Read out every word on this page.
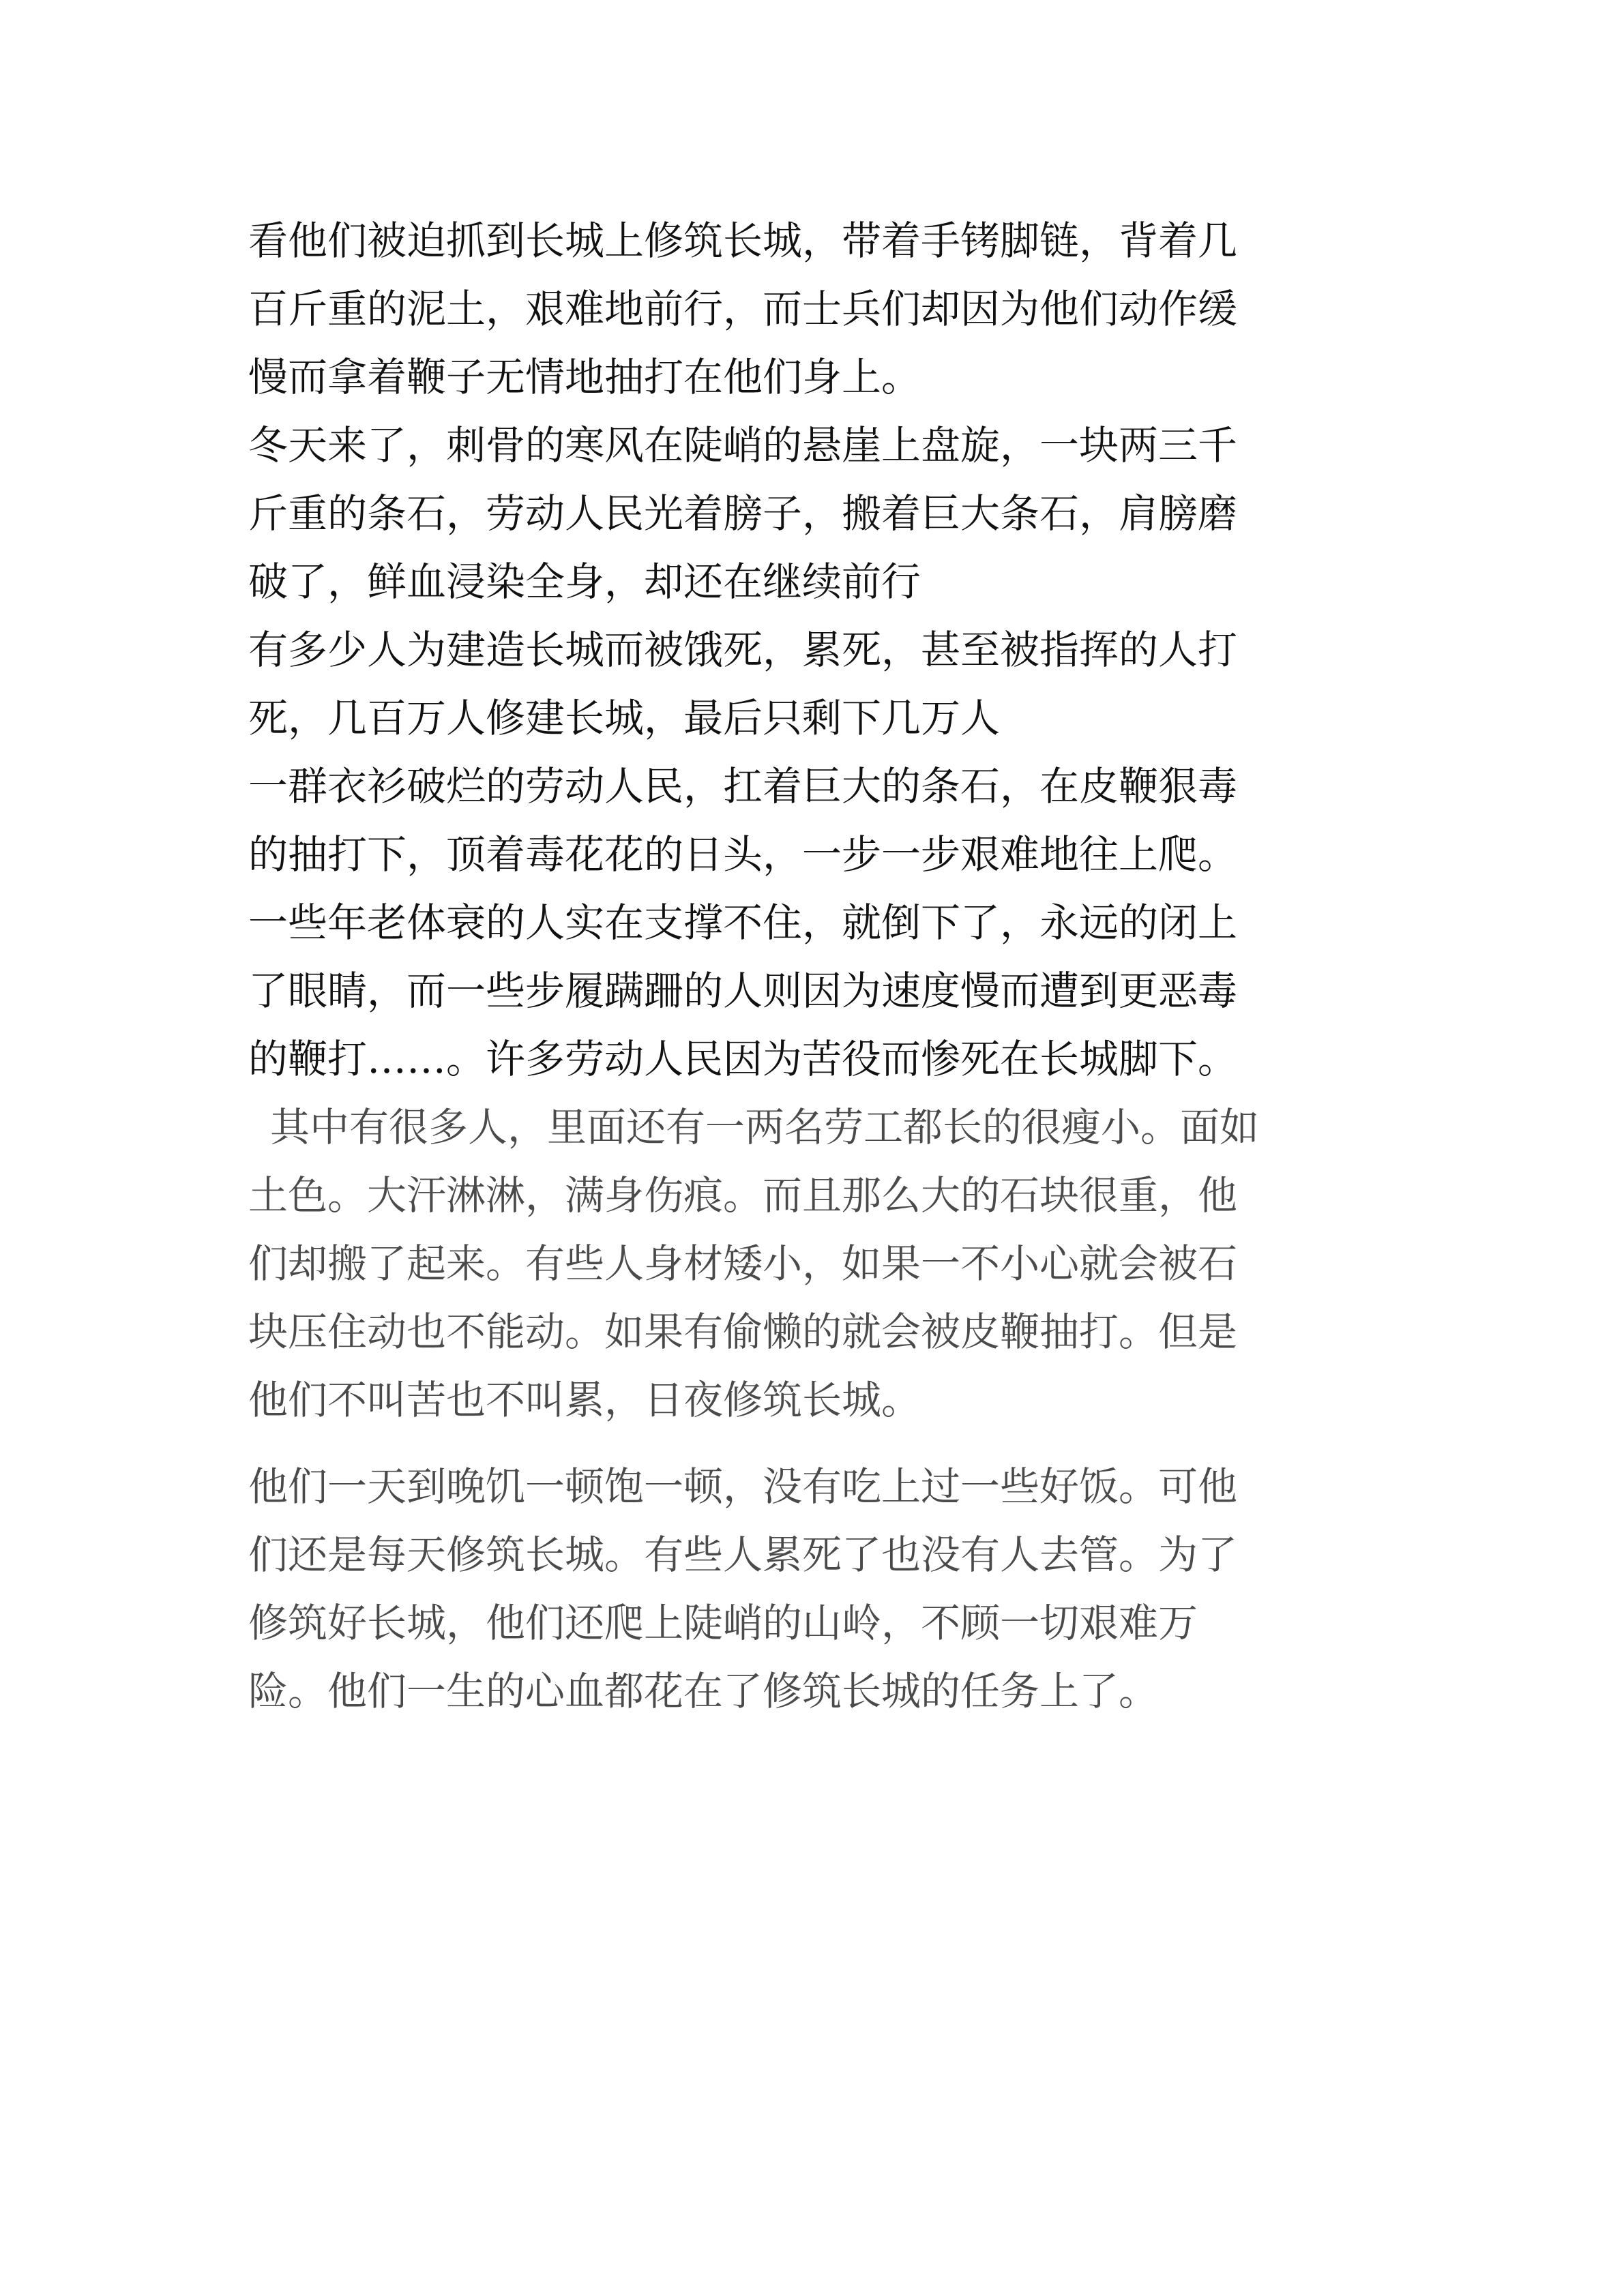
看他们被迫抓到长城上修筑长城，带着手铐脚链，背着几
百斤重的泥土，艰难地前行，而士兵们却因为他们动作缓
慢而拿着鞭子无情地抽打在他们身上。
冬天来了，刺骨的寒风在陡峭的悬崖上盘旋，一块两三千
斤重的条石，劳动人民光着膀子，搬着巨大条石，肩膀磨
破了，鲜血浸染全身，却还在继续前行
有多少人为建造长城而被饿死，累死，甚至被指挥的人打
死，几百万人修建长城，最后只剩下几万人
一群衣衫破烂的劳动人民，扛着巨大的条石，在皮鞭狠毒
的抽打下，顶着毒花花的日头，一步一步艰难地往上爬。
一些年老体衰的人实在支撑不住，就倒下了，永远的闭上
了眼睛，而一些步履蹒跚的人则因为速度慢而遭到更恶毒
的鞭打……。许多劳动人民因为苦役而惨死在长城脚下。
其中有很多人，里面还有一两名劳工都长的很瘦小。面如
土色。大汗淋淋，满身伤痕。而且那么大的石块很重，他
们却搬了起来。有些人身材矮小，如果一不小心就会被石
块压住动也不能动。如果有偷懒的就会被皮鞭抽打。但是
他们不叫苦也不叫累，日夜修筑长城。
他们一天到晚饥一顿饱一顿，没有吃上过一些好饭。可他
们还是每天修筑长城。有些人累死了也没有人去管。为了
修筑好长城，他们还爬上陡峭的山岭，不顾一切艰难万
险。他们一生的心血都花在了修筑长城的任务上了。
